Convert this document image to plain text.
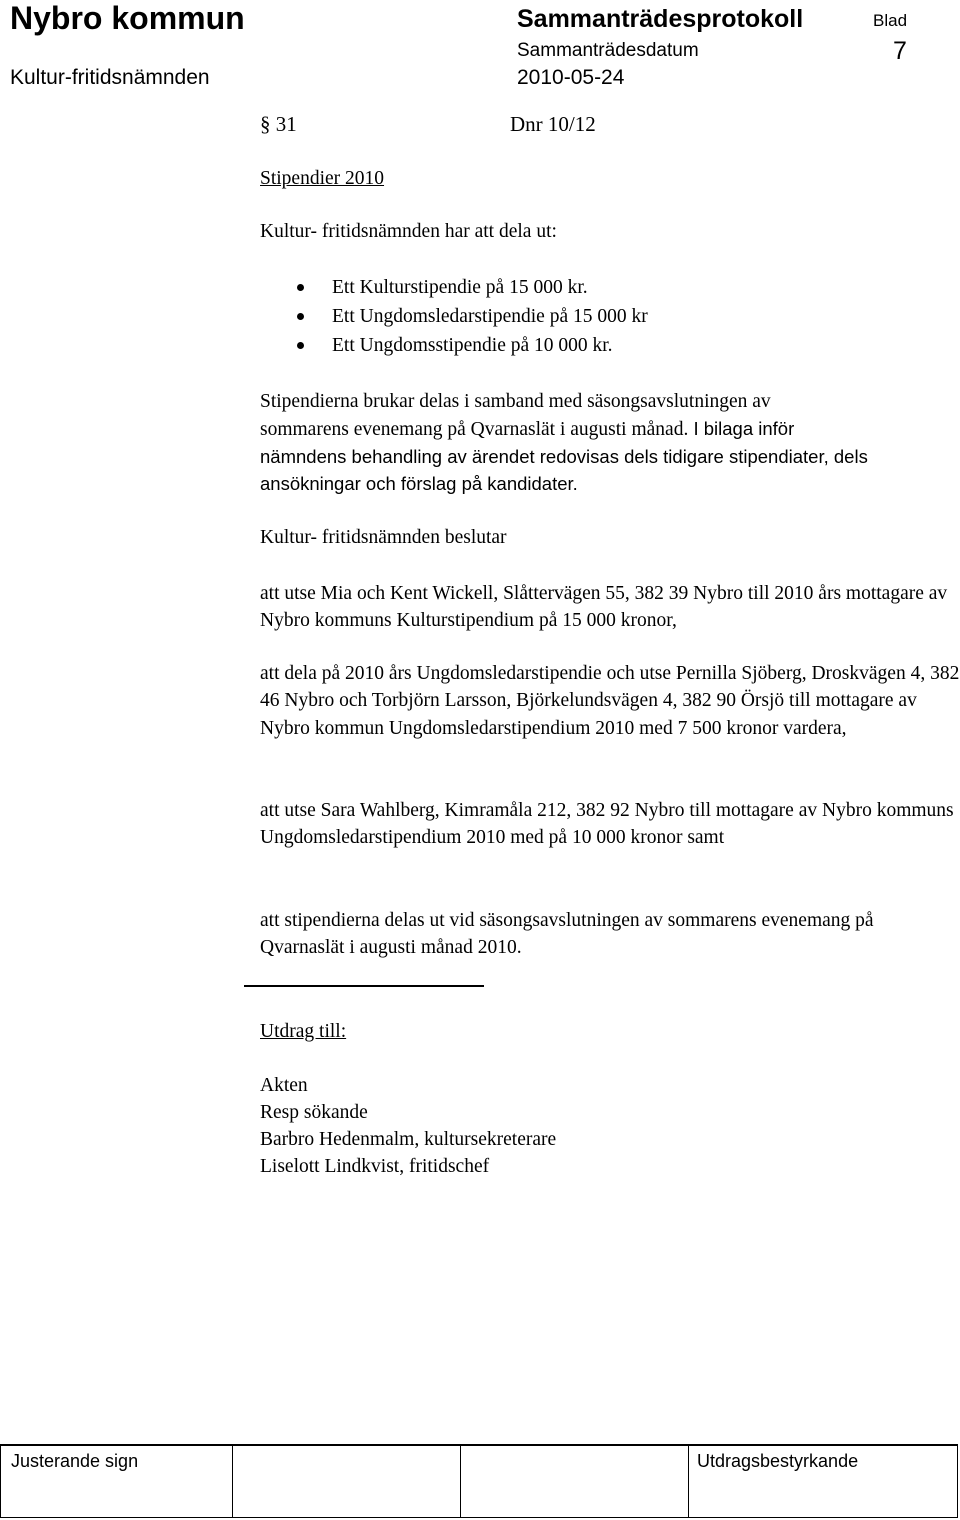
Nybro kommun	Sammanträdesprotokoll	Blad
7
Sammanträdesdatum
Kultur-fritidsnämnden	2010-05-24
§ 31	Dnr 10/12
Stipendier 2010
Kultur- fritidsnämnden har att dela ut:
Ett Kulturstipendie på 15 000 kr.
Ett Ungdomsledarstipendie på 15 000 kr
Ett Ungdomsstipendie på 10 000 kr.
Stipendierna brukar delas i samband med säsongsavslutningen av
sommarens evenemang på Qvarnaslät i augusti månad. I bilaga inför
nämndens behandling av ärendet redovisas dels tidigare stipendiater, dels
ansökningar och förslag på kandidater.
Kultur- fritidsnämnden beslutar
att utse Mia och Kent Wickell, Slåttervägen 55, 382 39 Nybro till 2010 års mottagare av Nybro kommuns Kulturstipendium på 15 000 kronor,
att dela på 2010 års Ungdomsledarstipendie och utse Pernilla Sjöberg, Droskvägen 4, 382 46 Nybro och Torbjörn Larsson, Björkelundsvägen 4, 382 90 Örsjö till mottagare av Nybro kommun Ungdomsledarstipendium 2010 med 7 500 kronor vardera,
att utse Sara Wahlberg, Kimramåla 212, 382 92 Nybro till mottagare av Nybro kommuns Ungdomsledarstipendium 2010 med på 10 000 kronor samt
att stipendierna delas ut vid säsongsavslutningen av sommarens evenemang på Qvarnaslät i augusti månad 2010.
Utdrag till:
Akten
Resp sökande
Barbro Hedenmalm, kultursekreterare
Liselott Lindkvist, fritidschef
Justerande sign	Utdragsbestyrkande
